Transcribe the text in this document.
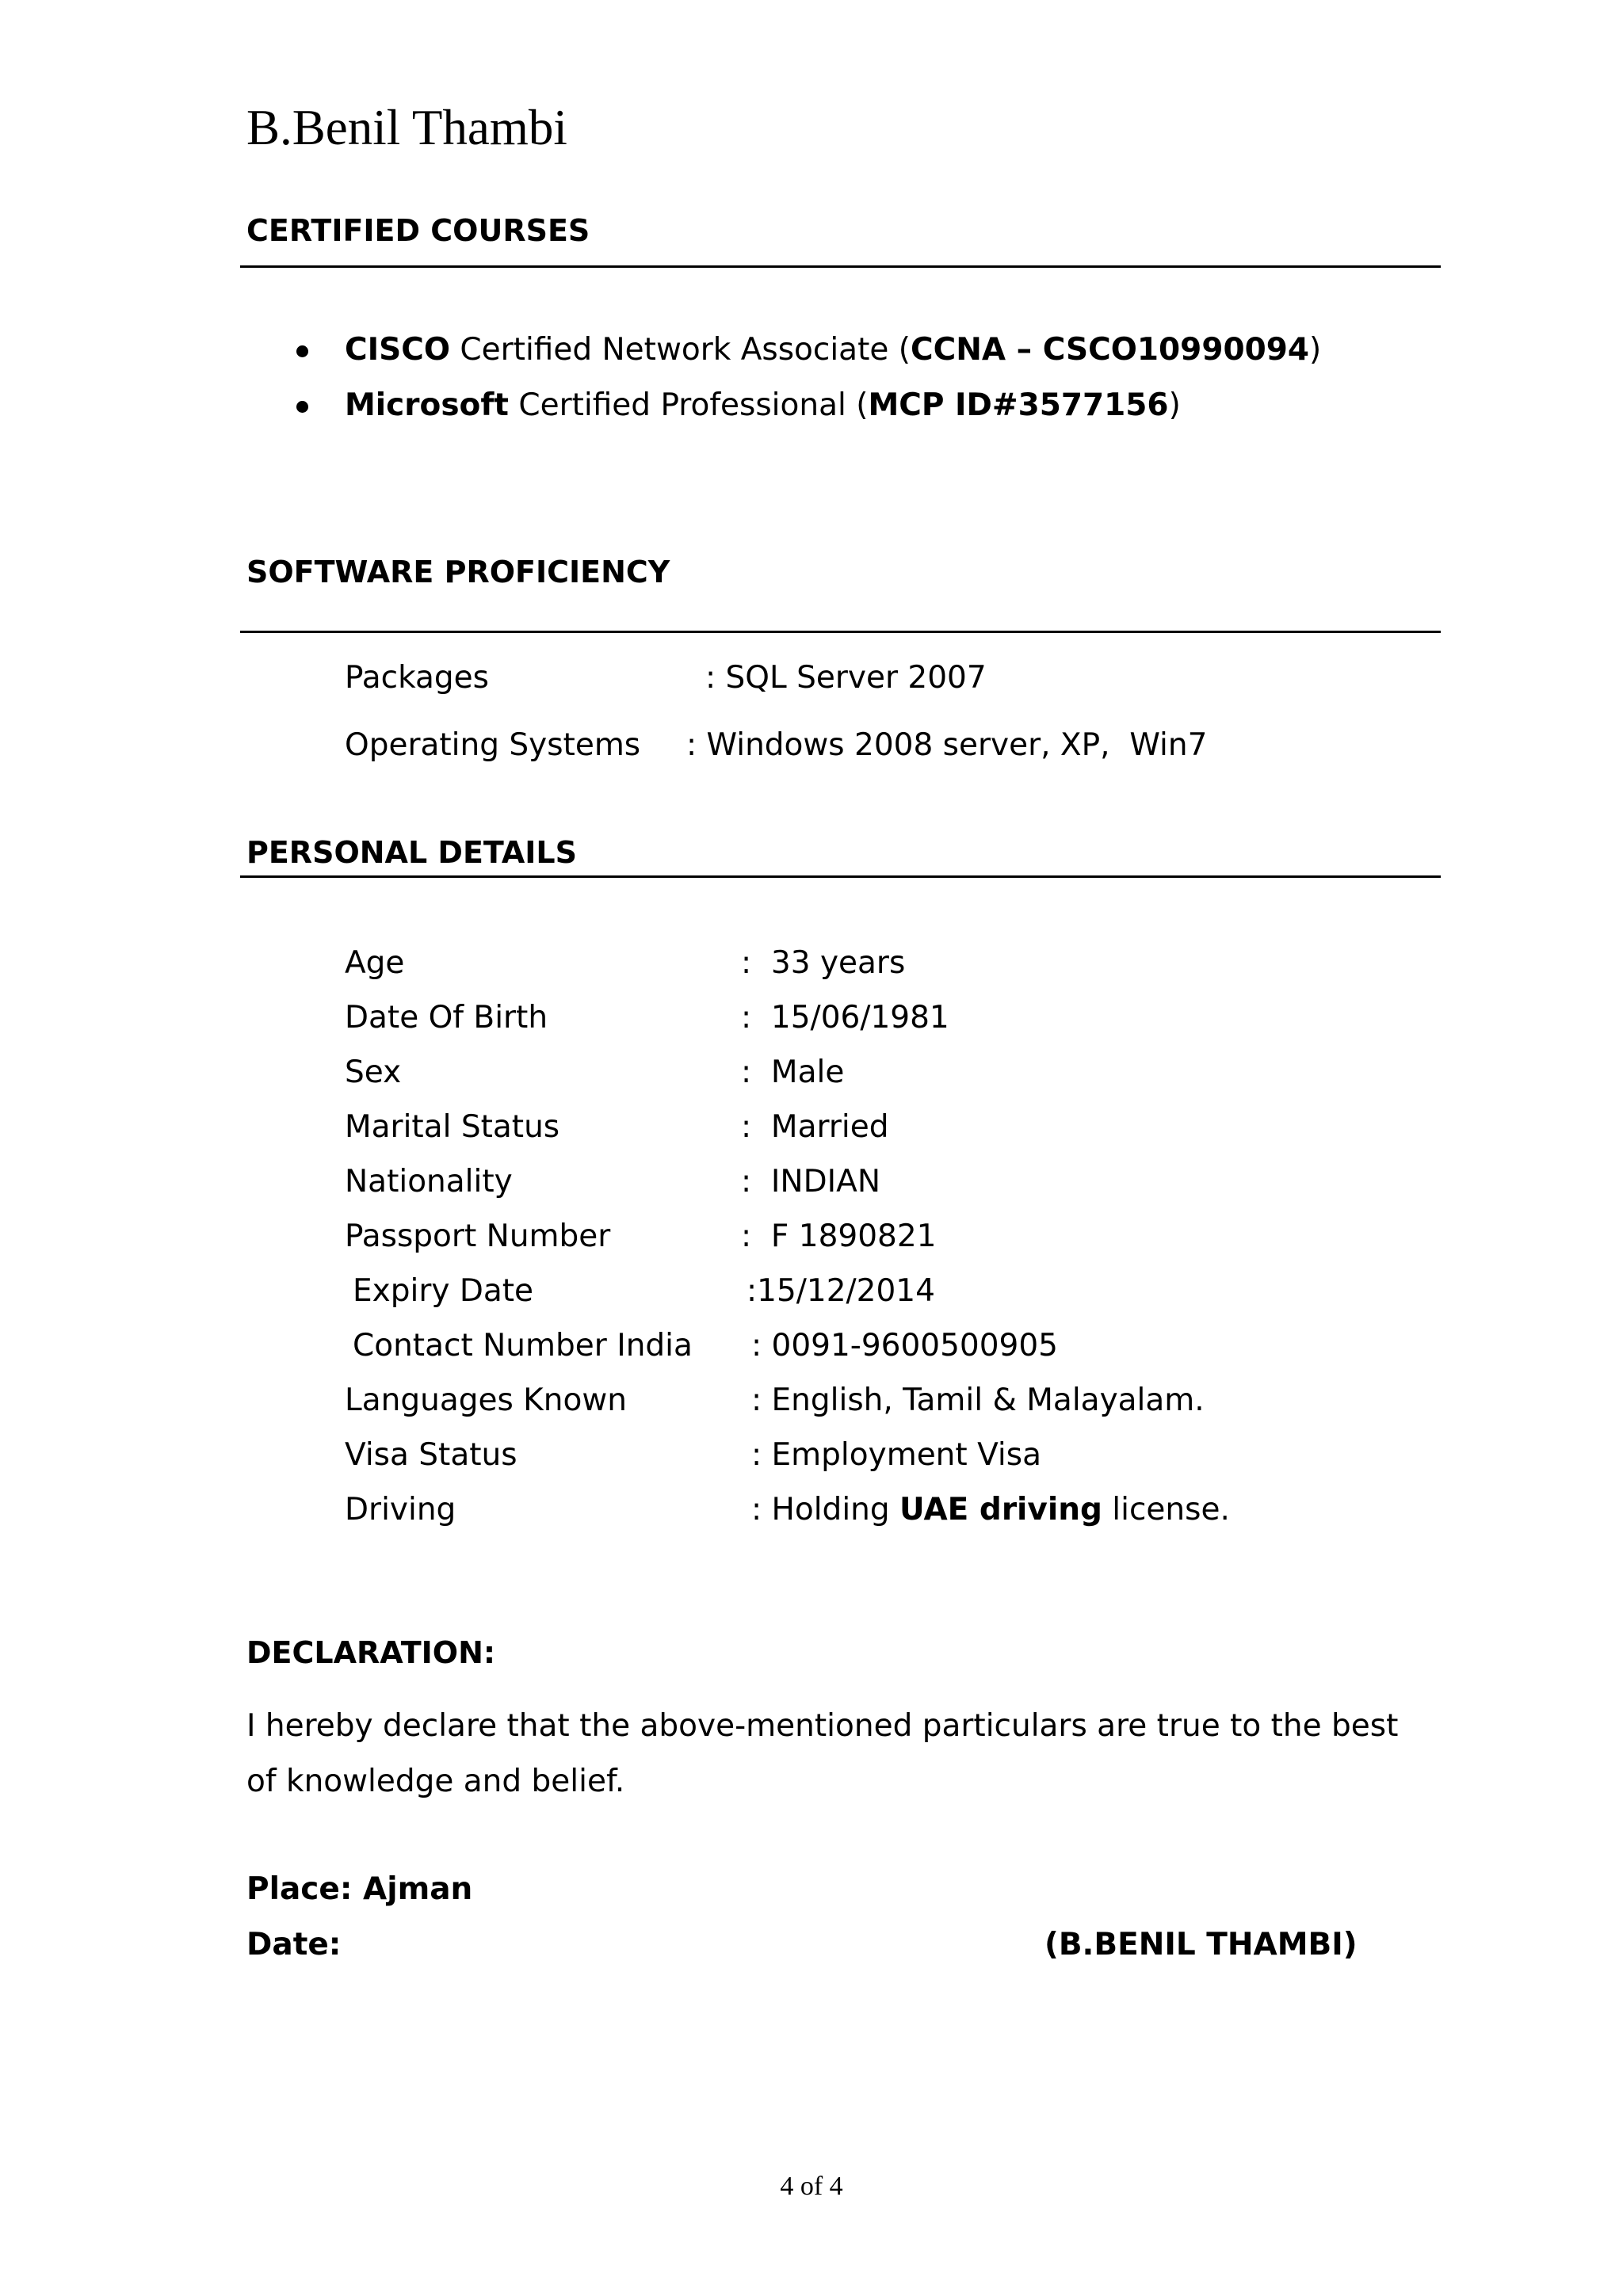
B.Benil Thambi
CERTIFIED COURSES
CISCO Certified Network Associate (CCNA – CSCO10990094)
Microsoft Certified Professional (MCP ID#3577156)
SOFTWARE PROFICIENCY
Packages	: SQL Server 2007
Operating Systems : Windows 2008 server, XP,  Win7
PERSONAL DETAILS
Age	:  33 years
Date Of Birth	:  15/06/1981
Sex	:  Male
Marital Status	:  Married
Nationality	:  INDIAN
Passport Number	:  F 1890821
Expiry Date	:15/12/2014
Contact Number India : 0091-9600500905
Languages Known	: English, Tamil & Malayalam.
Visa Status	: Employment Visa
Driving	: Holding UAE driving license.
DECLARATION:
I hereby declare that the above-mentioned particulars are true to the best
of knowledge and belief.
Place: Ajman
Date:	(B.BENIL THAMBI)
4 of 4
